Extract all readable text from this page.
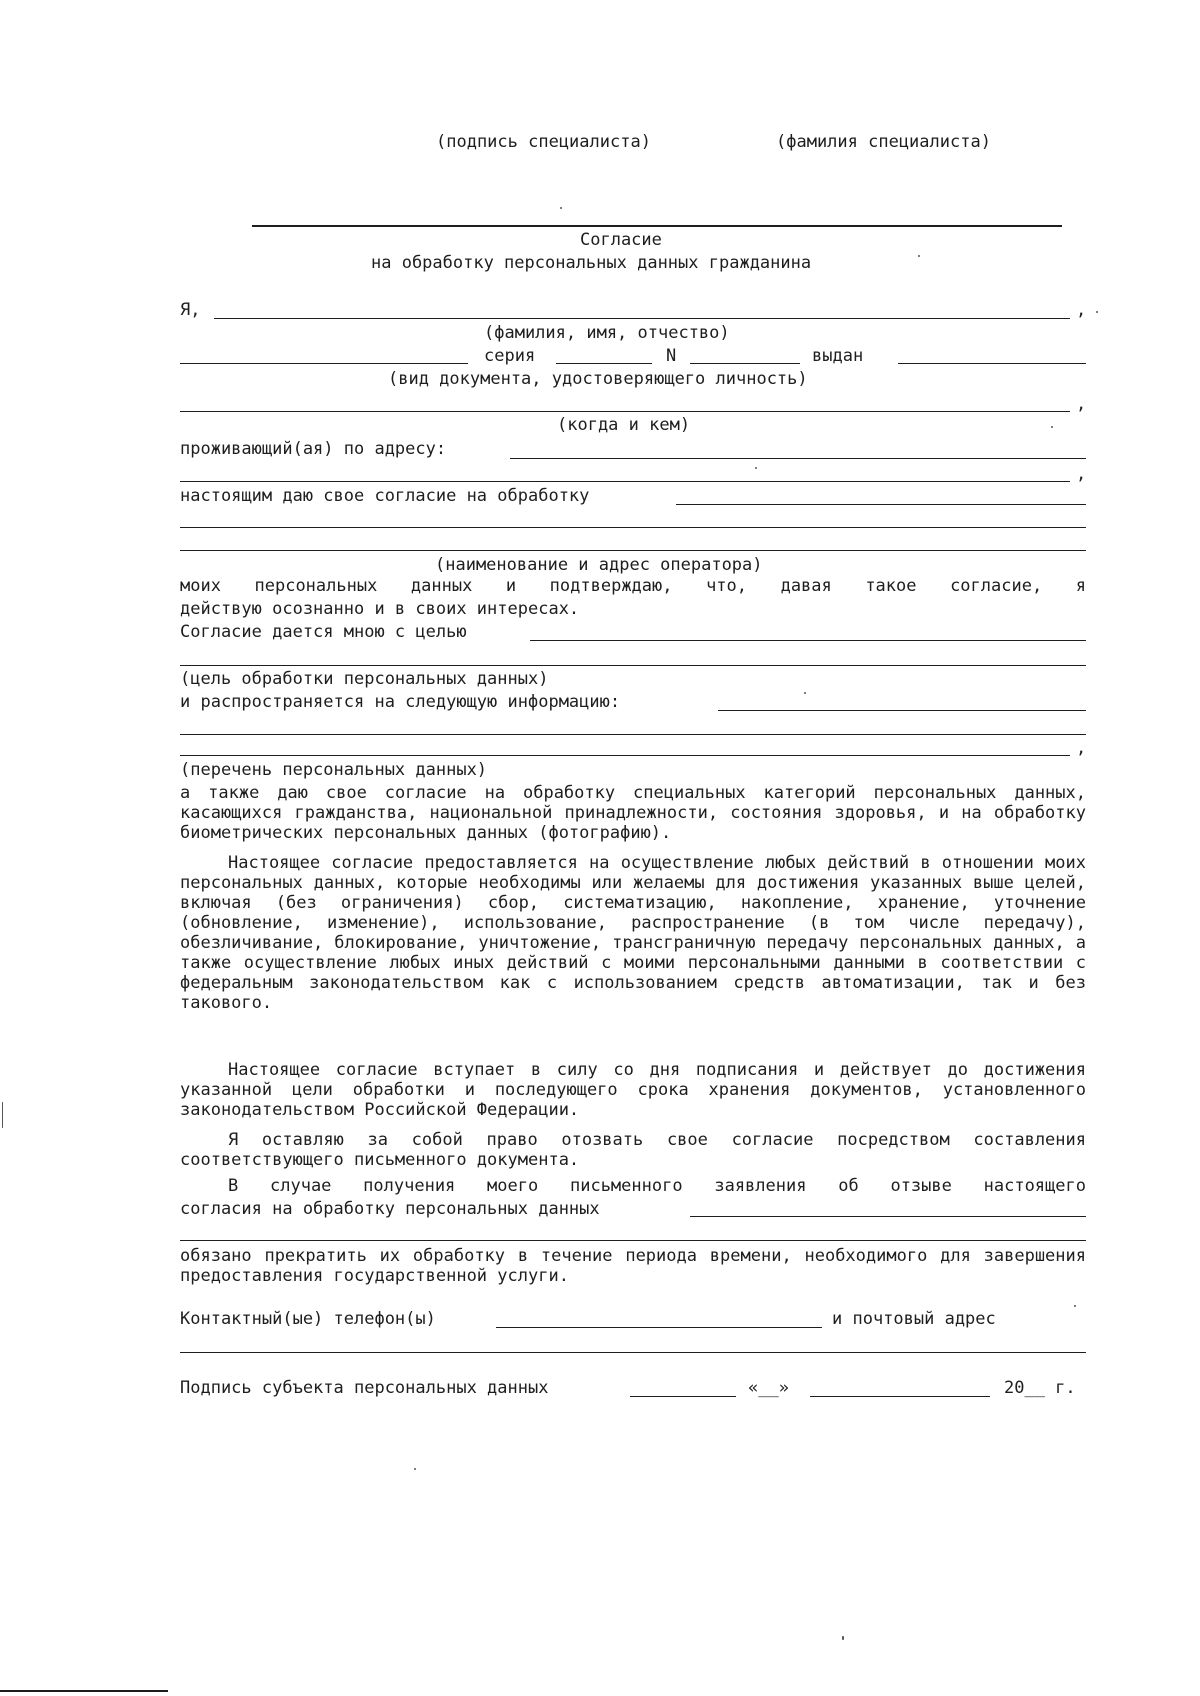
(подпись специалиста)	(фамилия специалиста)
Согласие
на обработку персональных данных гражданина
Я,	,
(фамилия, имя, отчество)
серия	N	выдан
(вид документа, удостоверяющего личность)
,
(когда и кем)
проживающий(ая) по адресу:
,
настоящим даю свое согласие на обработку
(наименование и адрес оператора)
моих персональных данных и подтверждаю, что, давая такое согласие, я
действую осознанно и в своих интересах.
Согласие дается мною с целью
(цель обработки персональных данных)
и распространяется на следующую информацию:
,
(перечень персональных данных)
а также даю свое согласие на обработку специальных категорий персональных данных, касающихся гражданства, национальной принадлежности, состояния здоровья, и на обработку биометрических персональных данных (фотографию).
Настоящее согласие предоставляется на осуществление любых действий в отношении моих персональных данных, которые необходимы или желаемы для достижения указанных выше целей, включая (без ограничения) сбор, систематизацию, накопление, хранение, уточнение (обновление, изменение), использование, распространение (в том числе передачу), обезличивание, блокирование, уничтожение, трансграничную передачу персональных данных, а также осуществление любых иных действий с моими персональными данными в соответствии с федеральным законодательством как с использованием средств автоматизации, так и без такового.
Настоящее согласие вступает в силу со дня подписания и действует до достижения указанной цели обработки и последующего срока хранения документов, установленного законодательством Российской Федерации.
Я оставляю за собой право отозвать свое согласие посредством составления соответствующего письменного документа.
В случае получения моего письменного заявления об отзыве настоящего
согласия на обработку персональных данных
обязано прекратить их обработку в течение периода времени, необходимого для завершения предоставления государственной услуги.
Контактный(ые) телефон(ы)	и почтовый адрес
Подпись субъекта персональных данных	«__»	20__ г.
